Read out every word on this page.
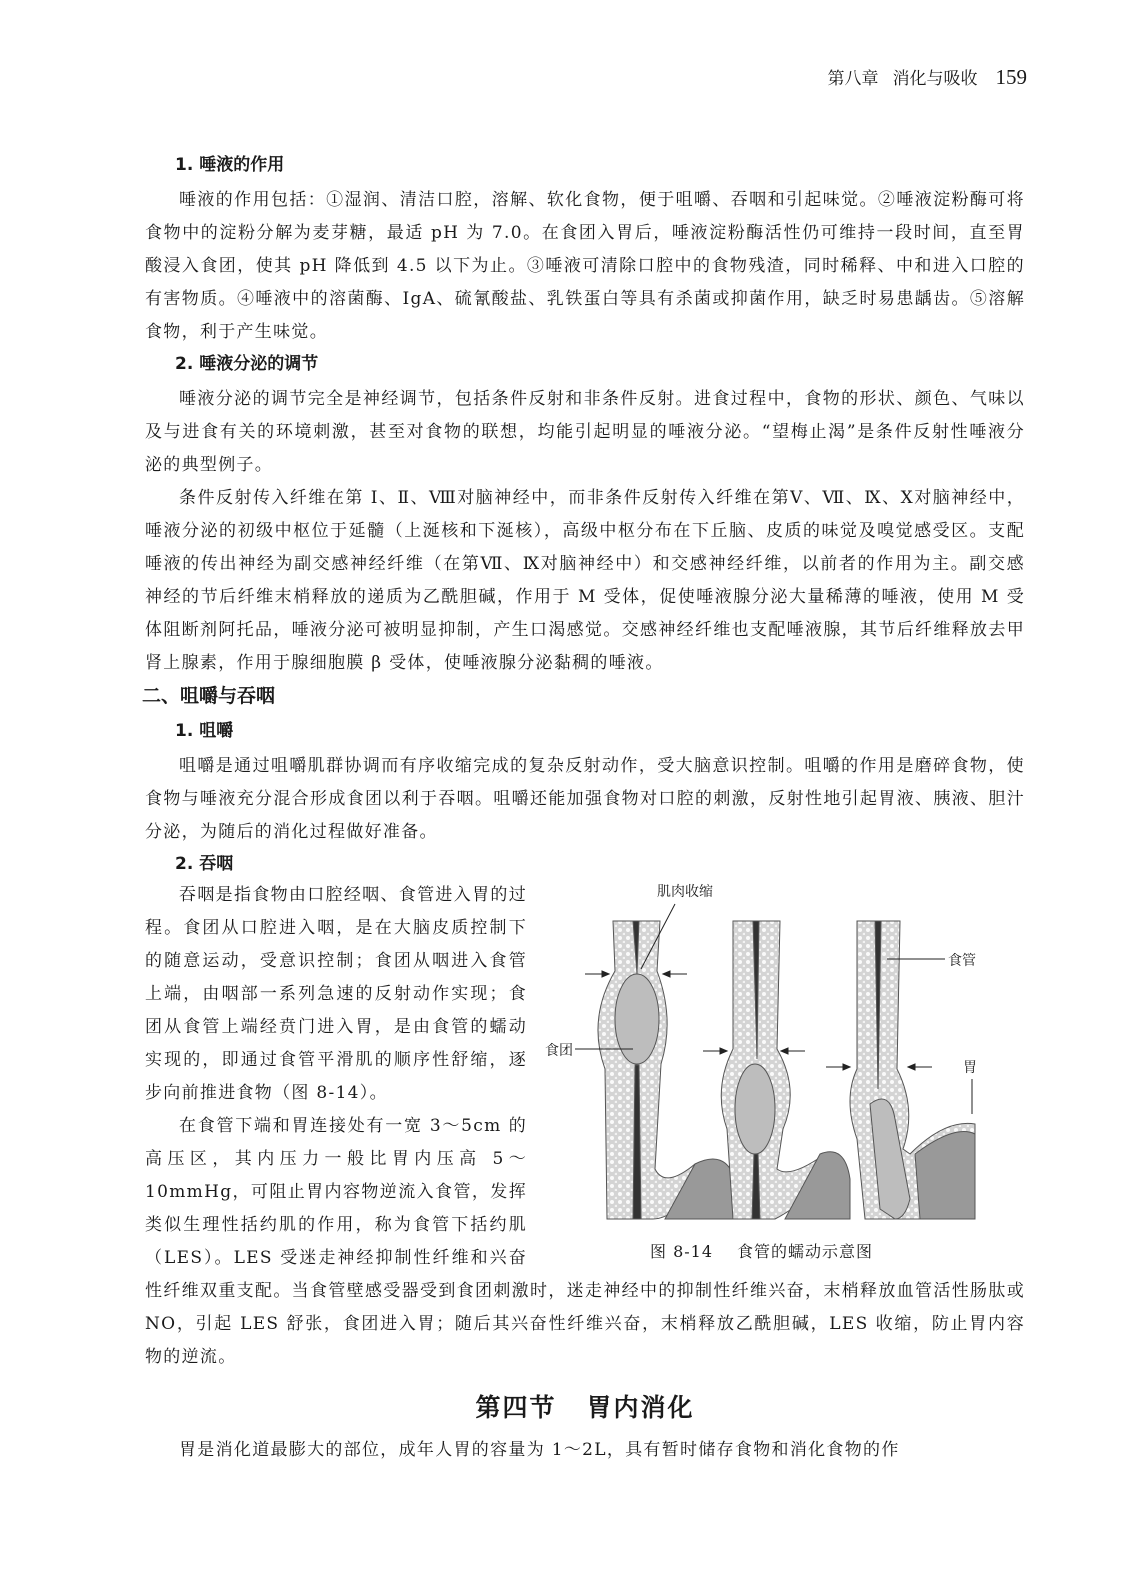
第八章 消化与吸收 159
1. 唾液的作用

唾液的作用包括：①湿润、清洁口腔，溶解、软化食物，便于咀嚼、吞咽和引起味觉。②唾液淀粉酶可将食物中的淀粉分解为麦芽糖，最适 pH 为 7.0。在食团入胃后，唾液淀粉酶活性仍可维持一段时间，直至胃酸浸入食团，使其 pH 降低到 4.5 以下为止。③唾液可清除口腔中的食物残渣，同时稀释、中和进入口腔的有害物质。④唾液中的溶菌酶、IgA、硫氰酸盐、乳铁蛋白等具有杀菌或抑菌作用，缺乏时易患龋齿。⑤溶解食物，利于产生味觉。

2. 唾液分泌的调节

唾液分泌的调节完全是神经调节，包括条件反射和非条件反射。进食过程中，食物的形状、颜色、气味以及与进食有关的环境刺激，甚至对食物的联想，均能引起明显的唾液分泌。“望梅止渴”是条件反射性唾液分泌的典型例子。

条件反射传入纤维在第 Ⅰ、Ⅱ、Ⅷ对脑神经中，而非条件反射传入纤维在第Ⅴ、Ⅶ、Ⅸ、Ⅹ对脑神经中，唾液分泌的初级中枢位于延髓（上涎核和下涎核），高级中枢分布在下丘脑、皮质的味觉及嗅觉感受区。支配唾液的传出神经为副交感神经纤维（在第Ⅶ、Ⅸ对脑神经中）和交感神经纤维，以前者的作用为主。副交感神经的节后纤维末梢释放的递质为乙酰胆碱，作用于 M 受体，促使唾液腺分泌大量稀薄的唾液，使用 M 受体阻断剂阿托品，唾液分泌可被明显抑制，产生口渴感觉。交感神经纤维也支配唾液腺，其节后纤维释放去甲肾上腺素，作用于腺细胞膜 β 受体，使唾液腺分泌黏稠的唾液。

二、咀嚼与吞咽
1. 咀嚼

咀嚼是通过咀嚼肌群协调而有序收缩完成的复杂反射动作，受大脑意识控制。咀嚼的作用是磨碎食物，使食物与唾液充分混合形成食团以利于吞咽。咀嚼还能加强食物对口腔的刺激，反射性地引起胃液、胰液、胆汁分泌，为随后的消化过程做好准备。

2. 吞咽
肌肉收缩
食管
食团
胃
图 8-14 食管的蠕动示意图

吞咽是指食物由口腔经咽、食管进入胃的过程。食团从口腔进入咽，是在大脑皮质控制下的随意运动，受意识控制；食团从咽进入食管上端，由咽部一系列急速的反射动作实现；食团从食管上端经贲门进入胃，是由食管的蠕动实现的，即通过食管平滑肌的顺序性舒缩，逐步向前推进食物（图 8-14）。

在食管下端和胃连接处有一宽 3～5cm 的高压区，其内压力一般比胃内压高 5～10mmHg，可阻止胃内容物逆流入食管，发挥类似生理性括约肌的作用，称为食管下括约肌（LES）。LES 受迷走神经抑制性纤维和兴奋性纤维双重支配。当食管壁感受器受到食团刺激时，迷走神经中的抑制性纤维兴奋，末梢释放血管活性肠肽或 NO，引起 LES 舒张，食团进入胃；随后其兴奋性纤维兴奋，末梢释放乙酰胆碱，LES 收缩，防止胃内容物的逆流。

第四节 胃内消化

胃是消化道最膨大的部位，成年人胃的容量为 1～2L，具有暂时储存食物和消化食物的作
